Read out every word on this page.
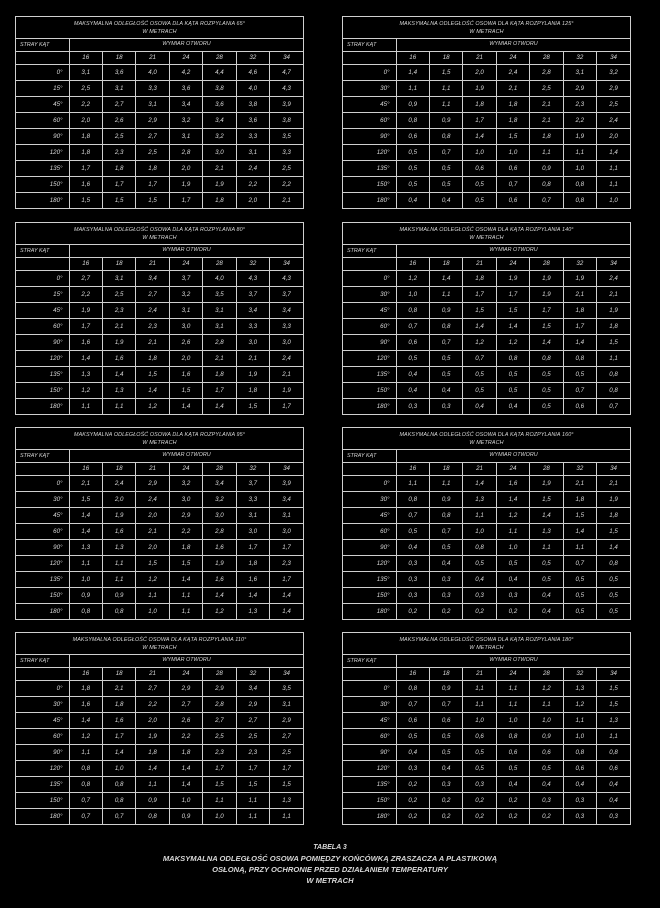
MAKSYMALNA ODLEGŁOŚĆ OSOWA DLA KĄTA ROZPYLANIA 65°
W METRACH
STRAY KĄT	WYMIAR OTWORU
	16	18	21	24	28	32	34
0°	3,1	3,6	4,0	4,2	4,4	4,6	4,7
15°	2,5	3,1	3,3	3,6	3,8	4,0	4,3
45°	2,2	2,7	3,1	3,4	3,6	3,8	3,9
60°	2,0	2,6	2,9	3,2	3,4	3,6	3,8
90°	1,8	2,5	2,7	3,1	3,2	3,3	3,5
120°	1,8	2,3	2,5	2,8	3,0	3,1	3,3
135°	1,7	1,8	1,8	2,0	2,1	2,4	2,5
150°	1,6	1,7	1,7	1,9	1,9	2,2	2,2
180°	1,5	1,5	1,5	1,7	1,8	2,0	2,1
MAKSYMALNA ODLEGŁOŚĆ OSOWA DLA KĄTA ROZPYLANIA 125°
W METRACH
STRAY KĄT	WYMIAR OTWORU
	16	18	21	24	28	32	34
0°	1,4	1,5	2,0	2,4	2,8	3,1	3,2
30°	1,1	1,1	1,9	2,1	2,5	2,9	2,9
45°	0,9	1,1	1,8	1,8	2,1	2,3	2,5
60°	0,8	0,9	1,7	1,8	2,1	2,2	2,4
90°	0,6	0,8	1,4	1,5	1,8	1,9	2,0
120°	0,5	0,7	1,0	1,0	1,1	1,1	1,4
135°	0,5	0,5	0,6	0,6	0,9	1,0	1,1
150°	0,5	0,5	0,5	0,7	0,8	0,8	1,1
180°	0,4	0,4	0,5	0,6	0,7	0,8	1,0
MAKSYMALNA ODLEGŁOŚĆ OSOWA DLA KĄTA ROZPYLANIA 80°
W METRACH
STRAY KĄT	WYMIAR OTWORU
	16	18	21	24	28	32	34
0°	2,7	3,1	3,4	3,7	4,0	4,3	4,3
15°	2,2	2,5	2,7	3,2	3,5	3,7	3,7
45°	1,9	2,3	2,4	3,1	3,1	3,4	3,4
60°	1,7	2,1	2,3	3,0	3,1	3,3	3,3
90°	1,6	1,9	2,1	2,6	2,8	3,0	3,0
120°	1,4	1,6	1,8	2,0	2,1	2,1	2,4
135°	1,3	1,4	1,5	1,6	1,8	1,9	2,1
150°	1,2	1,3	1,4	1,5	1,7	1,8	1,9
180°	1,1	1,1	1,2	1,4	1,4	1,5	1,7
MAKSYMALNA ODLEGŁOŚĆ OSOWA DLA KĄTA ROZPYLANIA 140°
W METRACH
STRAY KĄT	WYMIAR OTWORU
	16	18	21	24	28	32	34
0°	1,2	1,4	1,8	1,9	1,9	1,9	2,4
30°	1,0	1,1	1,7	1,7	1,9	2,1	2,1
45°	0,8	0,9	1,5	1,5	1,7	1,8	1,9
60°	0,7	0,8	1,4	1,4	1,5	1,7	1,8
90°	0,6	0,7	1,2	1,2	1,4	1,4	1,5
120°	0,5	0,5	0,7	0,8	0,8	0,8	1,1
135°	0,4	0,5	0,5	0,5	0,5	0,5	0,8
150°	0,4	0,4	0,5	0,5	0,5	0,7	0,8
180°	0,3	0,3	0,4	0,4	0,5	0,6	0,7
MAKSYMALNA ODLEGŁOŚĆ OSOWA DLA KĄTA ROZPYLANIA 95°
W METRACH
STRAY KĄT	WYMIAR OTWORU
	16	18	21	24	28	32	34
0°	2,1	2,4	2,9	3,2	3,4	3,7	3,9
30°	1,5	2,0	2,4	3,0	3,2	3,3	3,4
45°	1,4	1,9	2,0	2,9	3,0	3,1	3,1
60°	1,4	1,6	2,1	2,2	2,8	3,0	3,0
90°	1,3	1,3	2,0	1,8	1,6	1,7	1,7
120°	1,1	1,1	1,5	1,5	1,9	1,8	2,3
135°	1,0	1,1	1,2	1,4	1,6	1,6	1,7
150°	0,9	0,9	1,1	1,1	1,4	1,4	1,4
180°	0,8	0,8	1,0	1,1	1,2	1,3	1,4
MAKSYMALNA ODLEGŁOŚĆ OSOWA DLA KĄTA ROZPYLANIA 160°
W METRACH
STRAY KĄT	WYMIAR OTWORU
	16	18	21	24	28	32	34
0°	1,1	1,1	1,4	1,6	1,9	2,1	2,1
30°	0,8	0,9	1,3	1,4	1,5	1,8	1,9
45°	0,7	0,8	1,1	1,2	1,4	1,5	1,8
60°	0,5	0,7	1,0	1,1	1,3	1,4	1,5
90°	0,4	0,5	0,8	1,0	1,1	1,1	1,4
120°	0,3	0,4	0,5	0,5	0,5	0,7	0,8
135°	0,3	0,3	0,4	0,4	0,5	0,5	0,5
150°	0,3	0,3	0,3	0,3	0,4	0,5	0,5
180°	0,2	0,2	0,2	0,2	0,4	0,5	0,5
MAKSYMALNA ODLEGŁOŚĆ OSOWA DLA KĄTA ROZPYLANIA 110°
W METRACH
STRAY KĄT	WYMIAR OTWORU
	16	18	21	24	28	32	34
0°	1,8	2,1	2,7	2,9	2,9	3,4	3,5
30°	1,6	1,8	2,2	2,7	2,8	2,9	3,1
45°	1,4	1,6	2,0	2,6	2,7	2,7	2,9
60°	1,2	1,7	1,9	2,2	2,5	2,5	2,7
90°	1,1	1,4	1,8	1,8	2,3	2,3	2,5
120°	0,8	1,0	1,4	1,4	1,7	1,7	1,7
135°	0,8	0,8	1,1	1,4	1,5	1,5	1,5
150°	0,7	0,8	0,9	1,0	1,1	1,1	1,3
180°	0,7	0,7	0,8	0,9	1,0	1,1	1,1
MAKSYMALNA ODLEGŁOŚĆ OSOWA DLA KĄTA ROZPYLANIA 180°
W METRACH
STRAY KĄT	WYMIAR OTWORU
	16	18	21	24	28	32	34
0°	0,8	0,9	1,1	1,1	1,2	1,3	1,5
30°	0,7	0,7	1,1	1,1	1,1	1,2	1,5
45°	0,6	0,6	1,0	1,0	1,0	1,1	1,3
60°	0,5	0,5	0,6	0,8	0,9	1,0	1,1
90°	0,4	0,5	0,5	0,6	0,6	0,8	0,8
120°	0,3	0,4	0,5	0,5	0,5	0,6	0,6
135°	0,2	0,3	0,3	0,4	0,4	0,4	0,4
150°	0,2	0,2	0,2	0,2	0,3	0,3	0,4
180°	0,2	0,2	0,2	0,2	0,2	0,3	0,3
TABELA 3
MAKSYMALNA ODLEGŁOŚĆ OSOWA POMIĘDZY KOŃCÓWKĄ ZRASZACZA A PLASTIKOWĄ
OSŁONĄ, PRZY OCHRONIE PRZED DZIAŁANIEM TEMPERATURY
W METRACH
